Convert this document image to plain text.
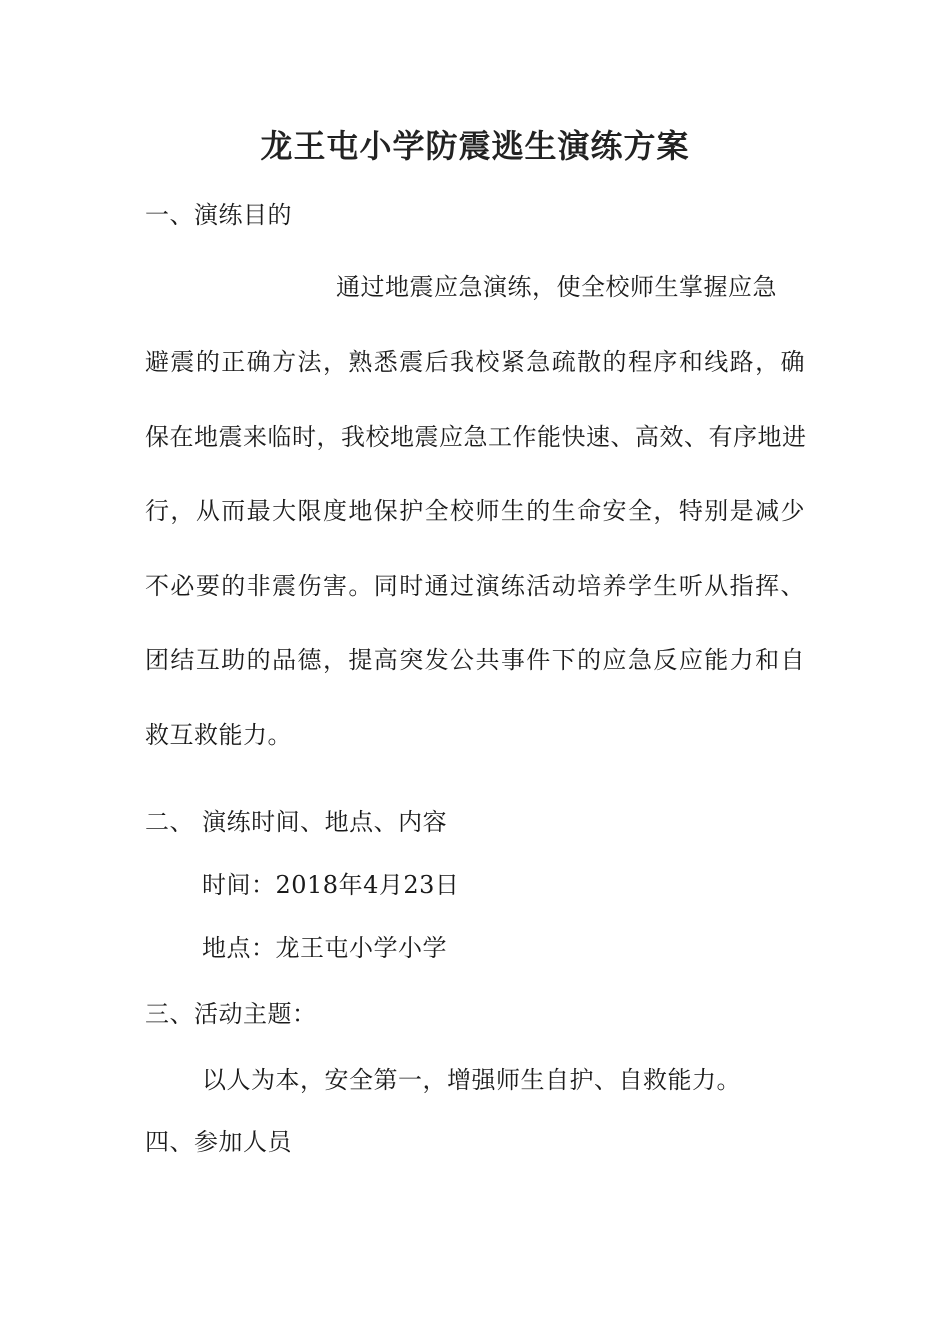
龙王屯小学防震逃生演练方案
一、演练目的
通过地震应急演练，使全校师生掌握应急
避震的正确方法，熟悉震后我校紧急疏散的程序和线路，确
保在地震来临时，我校地震应急工作能快速、高效、有序地进
行，从而最大限度地保护全校师生的生命安全，特别是减少
不必要的非震伤害。同时通过演练活动培养学生听从指挥、
团结互助的品德，提高突发公共事件下的应急反应能力和自
救互救能力。
二、 演练时间、地点、内容
时间：2018年4月23日
地点：龙王屯小学小学
三、活动主题：
以人为本，安全第一，增强师生自护、自救能力。
四、参加人员
